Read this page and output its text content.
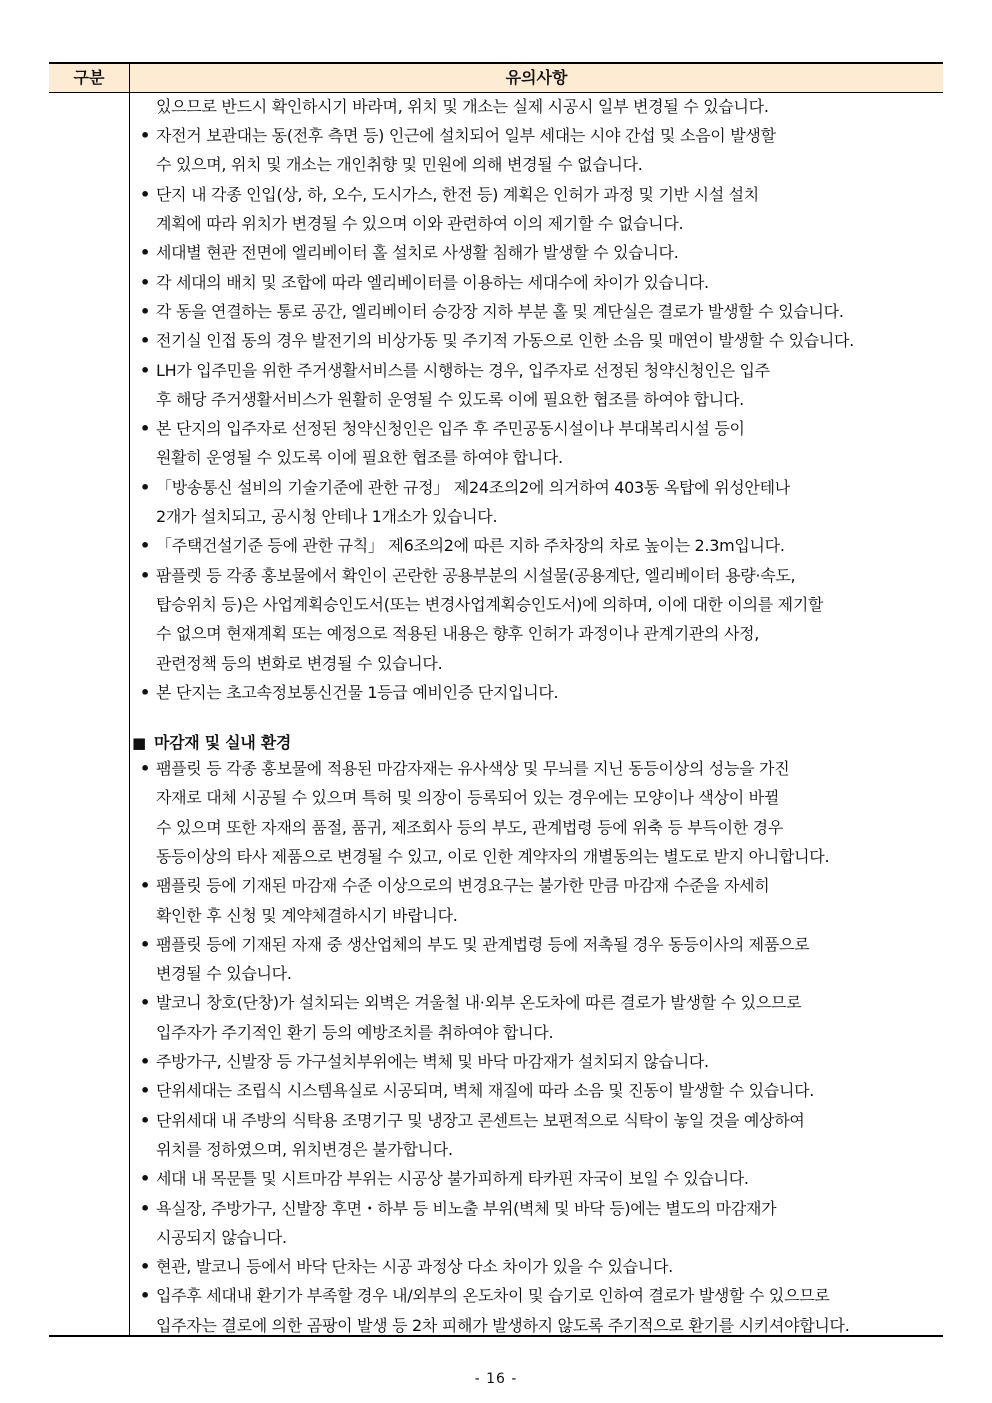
구분	유의사항
있으므로 반드시 확인하시기 바라며, 위치 및 개소는 실제 시공시 일부 변경될 수 있습니다.
• 자전거 보관대는 동(전후 측면 등) 인근에 설치되어 일부 세대는 시야 간섭 및 소음이 발생할
수 있으며, 위치 및 개소는 개인취향 및 민원에 의해 변경될 수 없습니다.
• 단지 내 각종 인입(상, 하, 오수, 도시가스, 한전 등) 계획은 인허가 과정 및 기반 시설 설치
계획에 따라 위치가 변경될 수 있으며 이와 관련하여 이의 제기할 수 없습니다.
• 세대별 현관 전면에 엘리베이터 홀 설치로 사생활 침해가 발생할 수 있습니다.
• 각 세대의 배치 및 조합에 따라 엘리베이터를 이용하는 세대수에 차이가 있습니다.
• 각 동을 연결하는 통로 공간, 엘리베이터 승강장 지하 부분 홀 및 계단실은 결로가 발생할 수 있습니다.
• 전기실 인접 동의 경우 발전기의 비상가동 및 주기적 가동으로 인한 소음 및 매연이 발생할 수 있습니다.
• LH가 입주민을 위한 주거생활서비스를 시행하는 경우, 입주자로 선정된 청약신청인은 입주
후 해당 주거생활서비스가 원활히 운영될 수 있도록 이에 필요한 협조를 하여야 합니다.
• 본 단지의 입주자로 선정된 청약신청인은 입주 후 주민공동시설이나 부대복리시설 등이
원활히 운영될 수 있도록 이에 필요한 협조를 하여야 합니다.
• 「방송통신 설비의 기술기준에 관한 규정」 제24조의2에 의거하여 403동 옥탑에 위성안테나
2개가 설치되고, 공시청 안테나 1개소가 있습니다.
• 「주택건설기준 등에 관한 규칙」 제6조의2에 따른 지하 주차장의 차로 높이는 2.3m입니다.
• 팜플렛 등 각종 홍보물에서 확인이 곤란한 공용부분의 시설물(공용계단, 엘리베이터 용량·속도,
탑승위치 등)은 사업계획승인도서(또는 변경사업계획승인도서)에 의하며, 이에 대한 이의를 제기할
수 없으며 현재계획 또는 예정으로 적용된 내용은 향후 인허가 과정이나 관계기관의 사정,
관련정책 등의 변화로 변경될 수 있습니다.
• 본 단지는 초고속정보통신건물 1등급 예비인증 단지입니다.
■ 마감재 및 실내 환경
• 팸플릿 등 각종 홍보물에 적용된 마감자재는 유사색상 및 무늬를 지닌 동등이상의 성능을 가진
자재로 대체 시공될 수 있으며 특허 및 의장이 등록되어 있는 경우에는 모양이나 색상이 바뀔
수 있으며 또한 자재의 품절, 품귀, 제조회사 등의 부도, 관계법령 등에 위축 등 부득이한 경우
동등이상의 타사 제품으로 변경될 수 있고, 이로 인한 계약자의 개별동의는 별도로 받지 아니합니다.
• 팸플릿 등에 기재된 마감재 수준 이상으로의 변경요구는 불가한 만큼 마감재 수준을 자세히
확인한 후 신청 및 계약체결하시기 바랍니다.
• 팸플릿 등에 기재된 자재 중 생산업체의 부도 및 관계법령 등에 저촉될 경우 동등이사의 제품으로
변경될 수 있습니다.
• 발코니 창호(단창)가 설치되는 외벽은 겨울철 내·외부 온도차에 따른 결로가 발생할 수 있으므로
입주자가 주기적인 환기 등의 예방조치를 취하여야 합니다.
• 주방가구, 신발장 등 가구설치부위에는 벽체 및 바닥 마감재가 설치되지 않습니다.
• 단위세대는 조립식 시스템욕실로 시공되며, 벽체 재질에 따라 소음 및 진동이 발생할 수 있습니다.
• 단위세대 내 주방의 식탁용 조명기구 및 냉장고 콘센트는 보편적으로 식탁이 놓일 것을 예상하여
위치를 정하였으며, 위치변경은 불가합니다.
• 세대 내 목문틀 및 시트마감 부위는 시공상 불가피하게 타카핀 자국이 보일 수 있습니다.
• 욕실장, 주방가구, 신발장 후면・하부 등 비노출 부위(벽체 및 바닥 등)에는 별도의 마감재가
시공되지 않습니다.
• 현관, 발코니 등에서 바닥 단차는 시공 과정상 다소 차이가 있을 수 있습니다.
• 입주후 세대내 환기가 부족할 경우 내/외부의 온도차이 및 습기로 인하여 결로가 발생할 수 있으므로
입주자는 결로에 의한 곰팡이 발생 등 2차 피해가 발생하지 않도록 주기적으로 환기를 시키셔야합니다.
- 16 -
